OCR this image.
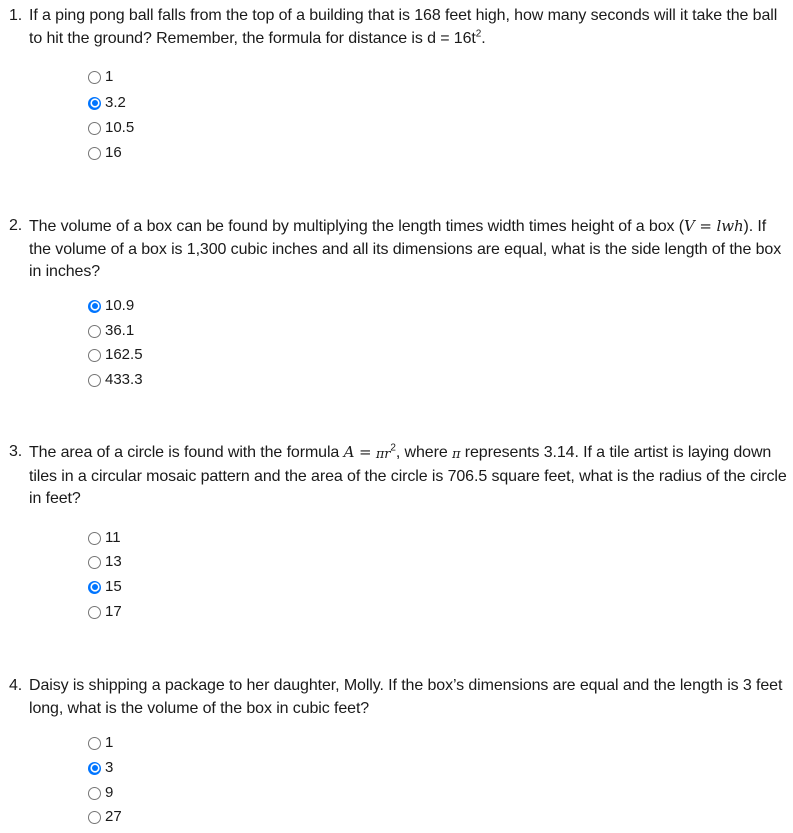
1. If a ping pong ball falls from the top of a building that is 168 feet high, how many seconds will it take the ball to hit the ground? Remember, the formula for distance is $d = 16t^2$.
1
3.2
10.5
16
2. The volume of a box can be found by multiplying the length times width times height of a box (V = lwh). If the volume of a box is 1,300 cubic inches and all its dimensions are equal, what is the side length of the box in inches?
10.9
36.1
162.5
433.3
3. The area of a circle is found with the formula $A = \pi r^2$, where π represents 3.14. If a tile artist is laying down tiles in a circular mosaic pattern and the area of the circle is 706.5 square feet, what is the radius of the circle in feet?
11
13
15
17
4. Daisy is shipping a package to her daughter, Molly. If the box’s dimensions are equal and the length is 3 feet long, what is the volume of the box in cubic feet?
1
3
9
27
